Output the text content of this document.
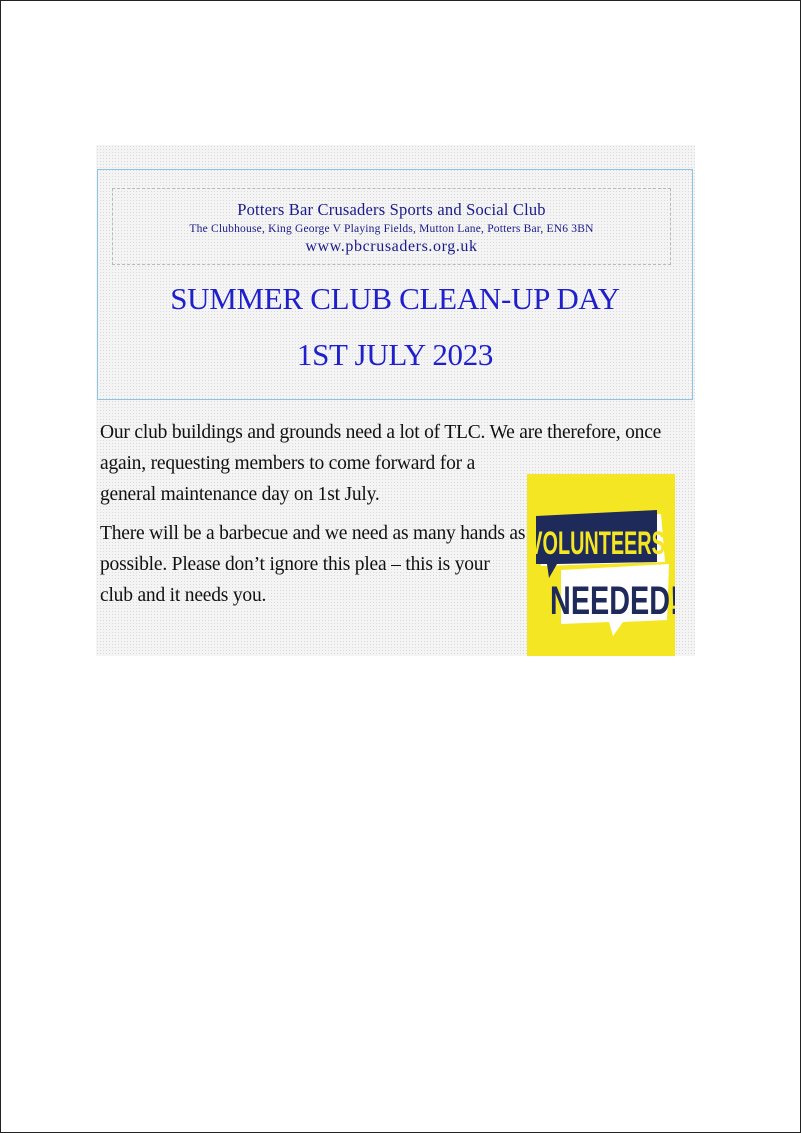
Potters Bar Crusaders Sports and Social Club
The Clubhouse, King George V Playing Fields, Mutton Lane, Potters Bar, EN6 3BN
www.pbcrusaders.org.uk
SUMMER CLUB CLEAN-UP DAY
1ST JULY 2023
Our club buildings and grounds need a lot of TLC. We are therefore, once
again, requesting members to come forward for a
general maintenance day on 1st July.
There will be a barbecue and we need as many hands as
possible. Please don’t ignore this plea – this is your
club and it needs you.
VOLUNTEERS
NEEDED!
